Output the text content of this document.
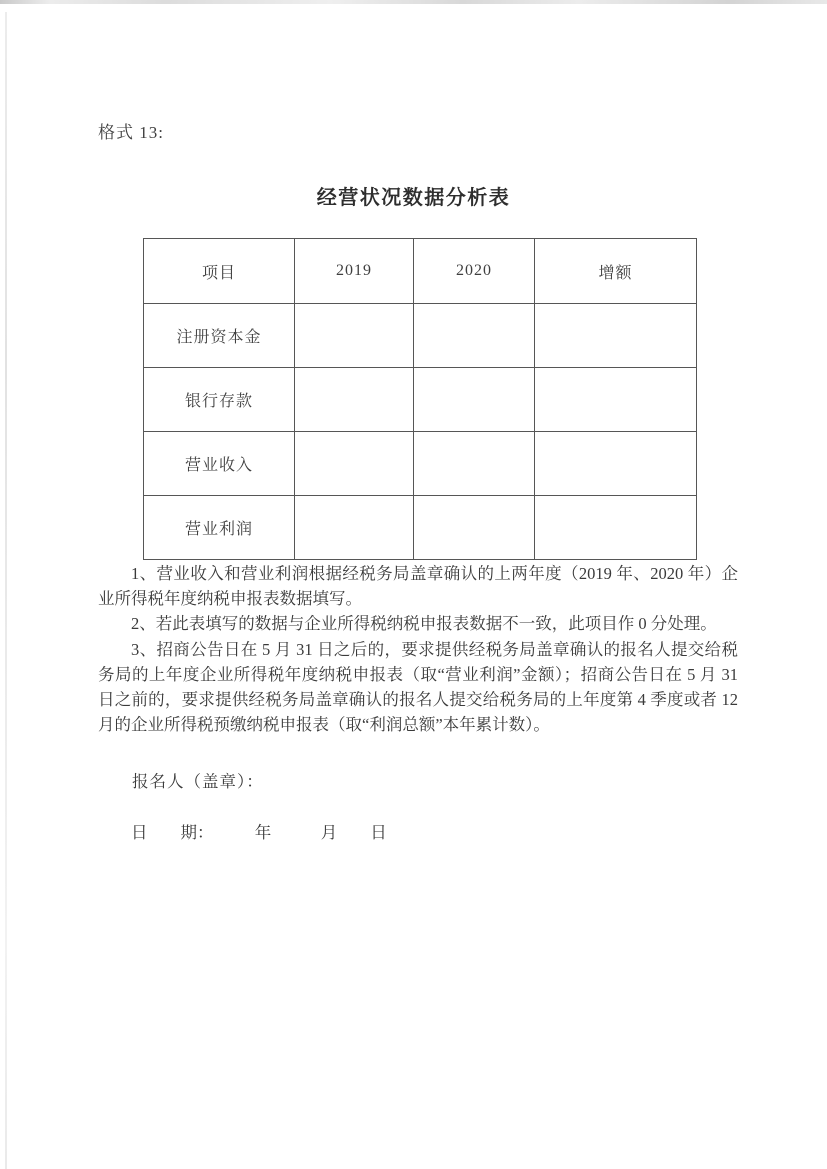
格式 13:
经营状况数据分析表
项目	2019	2020	增额
注册资本金			
银行存款			
营业收入			
营业利润			

1、营业收入和营业利润根据经税务局盖章确认的上两年度（2019 年、2020 年）企业所得税年度纳税申报表数据填写。

2、若此表填写的数据与企业所得税纳税申报表数据不一致，此项目作 0 分处理。

3、招商公告日在 5 月 31 日之后的，要求提供经税务局盖章确认的报名人提交给税务局的上年度企业所得税年度纳税申报表（取“营业利润”金额）；招商公告日在 5 月 31 日之前的，要求提供经税务局盖章确认的报名人提交给税务局的上年度第 4 季度或者 12 月的企业所得税预缴纳税申报表（取“利润总额”本年累计数）。

报名人（盖章）：
日　　期：　　　年　　　月　　日
